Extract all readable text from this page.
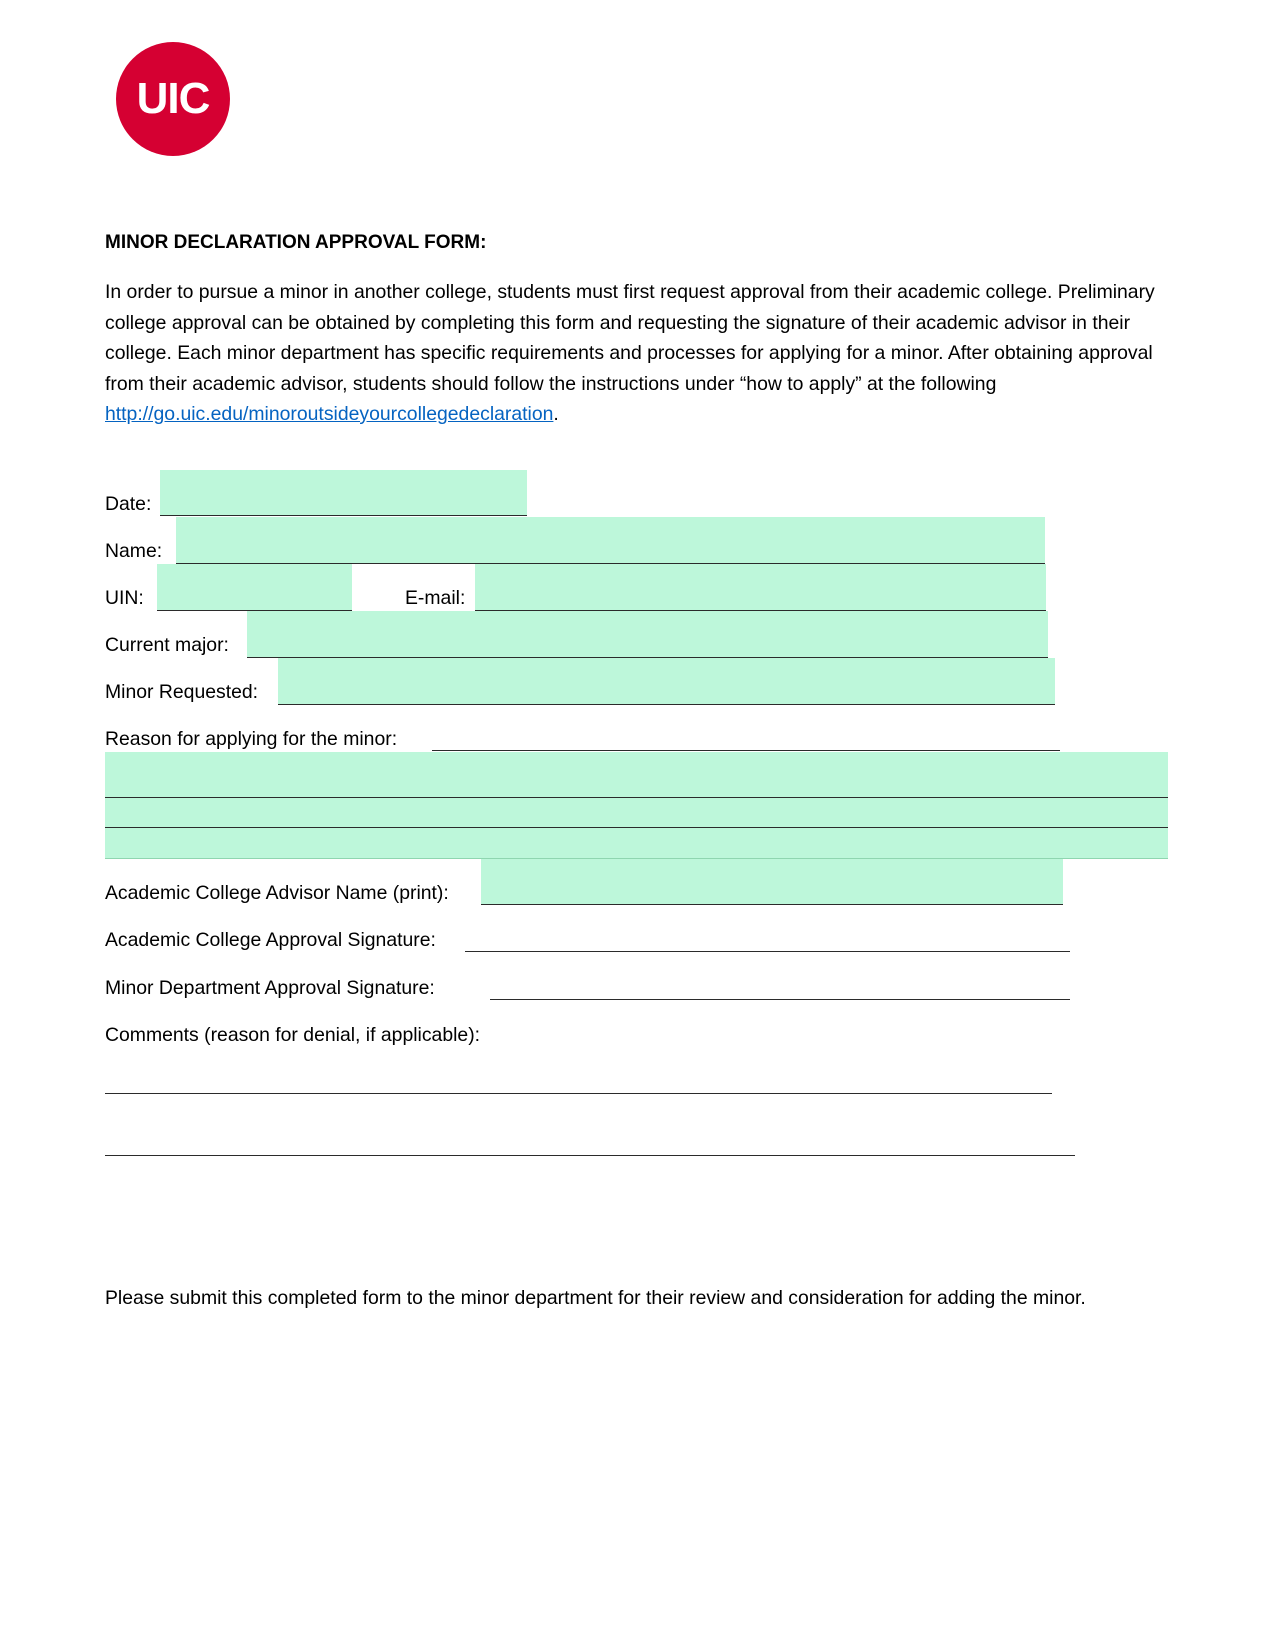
UIC
MINOR DECLARATION APPROVAL FORM:

In order to pursue a minor in another college, students must first request approval from their academic college. Preliminary college approval can be obtained by completing this form and requesting the signature of their academic advisor in their college. Each minor department has specific requirements and processes for applying for a minor. After obtaining approval from their academic advisor, students should follow the instructions under “how to apply” at the following http://go.uic.edu/minoroutsideyourcollegedeclaration.

Date:
Name:
UIN:	E-mail:
Current major:
Minor Requested:
Reason for applying for the minor:
Academic College Advisor Name (print):
Academic College Approval Signature:
Minor Department Approval Signature:
Comments (reason for denial, if applicable):
Please submit this completed form to the minor department for their review and consideration for adding the minor.
